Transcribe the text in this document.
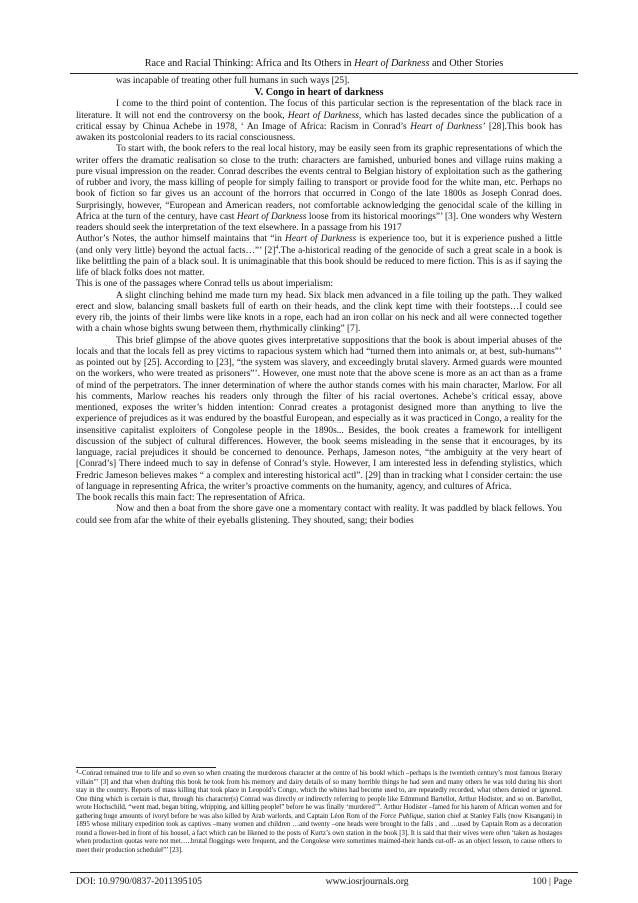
Race and Racial Thinking: Africa and Its Others in Heart of Darkness and Other Stories

was incapable of treating other full humans in such ways [25].

V. Congo in heart of darkness

I come to the third point of contention. The focus of this particular section is the representation of the black race in literature. It will not end the controversy on the book, Heart of Darkness, which has lasted decades since the publication of a critical essay by Chinua Achebe in 1978, ‘ An Image of Africa: Racism in Conrad’s Heart of Darkness’ [28].This book has awaken its postcolonial readers to its racial consciousness.

To start with, the book refers to the real local history, may be easily seen from its graphic representations of which the writer offers the dramatic realisation so close to the truth: characters are famished, unburied bones and village ruins making a pure visual impression on the reader. Conrad describes the events central to Belgian history of exploitation such as the gathering of rubber and ivory, the mass killing of people for simply failing to transport or provide food for the white man, etc. Perhaps no book of fiction so far gives us an account of the horrors that occurred in Congo of the late 1800s as Joseph Conrad does. Surprisingly, however, “European and American readers, not comfortable acknowledging the genocidal scale of the killing in Africa at the turn of the century, have cast Heart of Darkness loose from its historical moorings”’ [3]. One wonders why Western readers should seek the interpretation of the text elsewhere. In a passage from his 1917

Author’s Notes, the author himself maintains that “in Heart of Darkness is experience too, but it is experience pushed a little (and only very little) beyond the actual facts…”’ [2]$^4$.The a-historical reading of the genocide of such a great scale in a book is like belittling the pain of a black soul. It is unimaginable that this book should be reduced to mere fiction. This is as if saying the life of black folks does not matter.

This is one of the passages where Conrad tells us about imperialism:

A slight clinching behind me made turn my head. Six black men advanced in a file toiling up the path. They walked erect and slow, balancing small baskets full of earth on their heads, and the clink kept time with their footsteps…I could see every rib, the joints of their limbs were like knots in a rope, each had an iron collar on his neck and all were connected together with a chain whose bights swung between them, rhythmically clinking” [7].

This brief glimpse of the above quotes gives interpretative suppositions that the book is about imperial abuses of the locals and that the locals fell as prey victims to rapacious system which had “turned them into animals or, at best, sub-humans”’ as pointed out by [25]. According to [23], “the system was slavery, and exceedingly brutal slavery. Armed guards were mounted on the workers, who were treated as prisoners”’. However, one must note that the above scene is more as an act than as a frame of mind of the perpetrators. The inner determination of where the author stands comes with his main character, Marlow. For all his comments, Marlow reaches his readers only through the filter of his racial overtones. Achebe’s critical essay, above mentioned, exposes the writer’s hidden intention: Conrad creates a protagonist designed more than anything to live the experience of prejudices as it was endured by the boastful European, and especially as it was practiced in Congo, a reality for the insensitive capitalist exploiters of Congolese people in the 1890s... Besides, the book creates a framework for intelligent discussion of the subject of cultural differences. However, the book seems misleading in the sense that it encourages, by its language, racial prejudices it should be concerned to denounce. Perhaps, Jameson notes, “the ambiguity at the very heart of [Conrad’s] There indeed much to say in defense of Conrad’s style. However, I am interested less in defending stylistics, which Fredric Jameson believes makes “ a complex and interesting historical act‖”. [29] than in tracking what I consider certain: the use of language in representing Africa, the writer’s proactive comments on the humanity, agency, and cultures of Africa.

The book recalls this main fact: The representation of Africa.

Now and then a boat from the shore gave one a momentary contact with reality. It was paddled by black fellows. You could see from afar the white of their eyeballs glistening. They shouted, sang; their bodies

$^4$–Conrad remained true to life and so even so when creating the murderous character at the centre of his book‖ which –perhaps is the twentieth century’s most famous literary villain”’ [3] and that when drafting this book he took from his memory and dairy details of so many horrible things he had seen and many others he was told during his short stay in the country. Reports of mass killing that took place in Leopold’s Congo, which the whites had become used to, are repeatedly recorded, what others denied or ignored. One thing which is certain is that, through his character(s) Conrad was directly or indirectly referring to people like Edmmund Bartellot, Arthur Hodister, and so on. Bartellot, wrote Hochschild, “went mad, began biting, whipping, and killing people‖” before he was finally ‘murdered’”. Arthur Hodister –famed for his harem of African women and for gathering huge amounts of ivory‖ before he was also killed by Arab warlords, and Captain Léon Rom of the Force Publique, station chief at Stanley Falls (now Kisangani) in 1895 whose military expedition took as captives –many women and children …and twenty –one heads were brought to the falls , and …used by Captain Rom as a decoration round a flower-bed in front of his house‖, a fact which can be likened to the posts of Kurtz’s own station in the book [3]. It is said that their wives were often ‘taken as hostages when production quotas were not met…..brutal floggings were frequent, and the Congolese were sometimes maimed-their hands cut-off- as an object lesson, to cause others to meet their production schedule‖”’ [23].
DOI: 10.9790/0837-2011395105	www.iosrjournals.org	100 | Page
